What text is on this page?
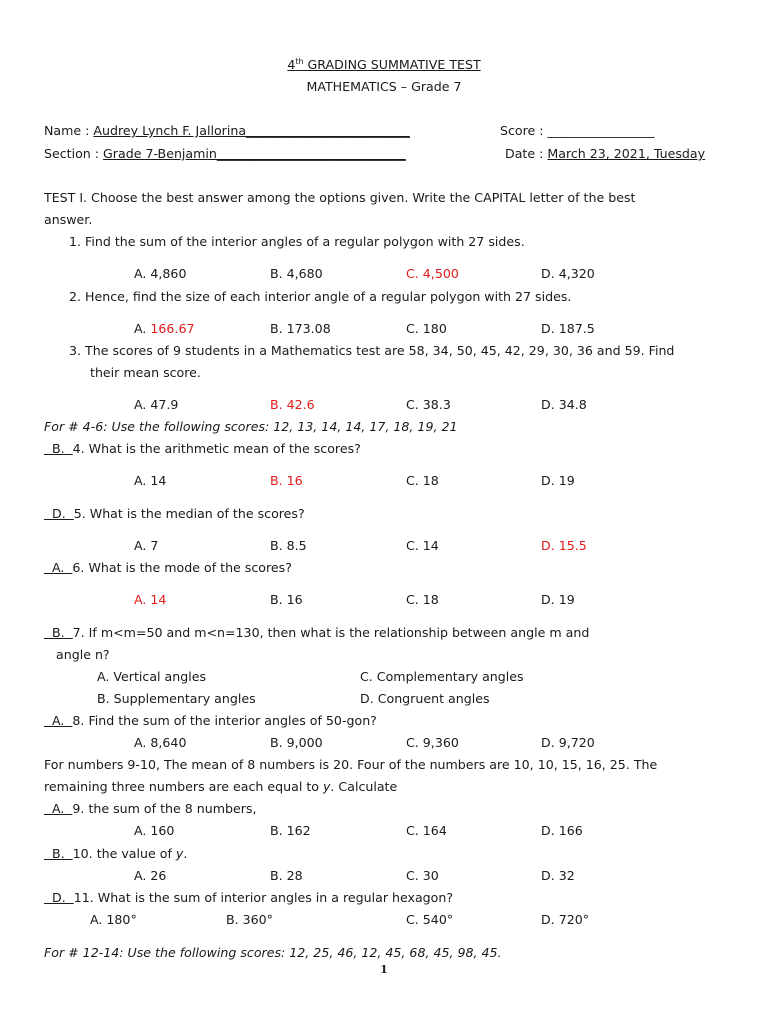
4th GRADING SUMMATIVE TEST
MATHEMATICS – Grade 7
Name : Audrey Lynch F. Jallorina__________________________	Score : _________________
Section : Grade 7-Benjamin______________________________	Date : March 23, 2021, Tuesday
TEST I. Choose the best answer among the options given. Write the CAPITAL letter of the best
answer.
1. Find the sum of the interior angles of a regular polygon with 27 sides.
A. 4,860	B. 4,680	C. 4,500	D. 4,320
2. Hence, find the size of each interior angle of a regular polygon with 27 sides.
A. 166.67	B. 173.08	C. 180	D. 187.5
3. The scores of 9 students in a Mathematics test are 58, 34, 50, 45, 42, 29, 30, 36 and 59. Find
their mean score.
A. 47.9	B. 42.6	C. 38.3	D. 34.8
For # 4-6: Use the following scores: 12, 13, 14, 14, 17, 18, 19, 21
B.  4. What is the arithmetic mean of the scores?
A. 14	B. 16	C. 18	D. 19
D.  5. What is the median of the scores?
A. 7	B. 8.5	C. 14	D. 15.5
A.  6. What is the mode of the scores?
A. 14	B. 16	C. 18	D. 19
B.  7. If m<m=50 and m<n=130, then what is the relationship between angle m and
angle n?
A. Vertical angles	C. Complementary angles
B. Supplementary angles	D. Congruent angles
A.  8. Find the sum of the interior angles of 50-gon?
A. 8,640	B. 9,000	C. 9,360	D. 9,720
For numbers 9-10, The mean of 8 numbers is 20. Four of the numbers are 10, 10, 15, 16, 25. The
remaining three numbers are each equal to y. Calculate
A.  9. the sum of the 8 numbers,
A. 160	B. 162	C. 164	D. 166
B.  10. the value of y.
A. 26	B. 28	C. 30	D. 32
D.  11. What is the sum of interior angles in a regular hexagon?
A. 180°	B. 360°	C. 540°	D. 720°
For # 12-14: Use the following scores: 12, 25, 46, 12, 45, 68, 45, 98, 45.
1
